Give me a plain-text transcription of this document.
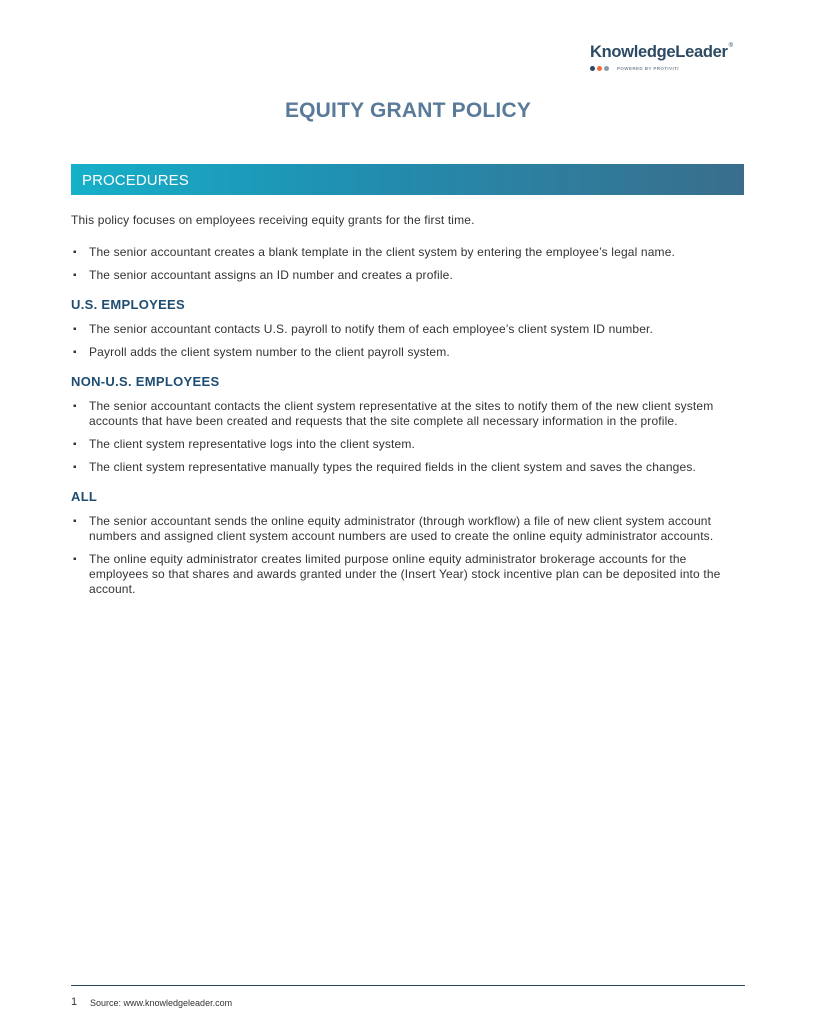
KnowledgeLeader®
POWERED BY PROTIVITI
EQUITY GRANT POLICY
PROCEDURES

This policy focuses on employees receiving equity grants for the first time.

▪ The senior accountant creates a blank template in the client system by entering the employee’s legal name.
▪ The senior accountant assigns an ID number and creates a profile.
U.S. EMPLOYEES
▪ The senior accountant contacts U.S. payroll to notify them of each employee’s client system ID number.
▪ Payroll adds the client system number to the client payroll system.
NON-U.S. EMPLOYEES
▪ The senior accountant contacts the client system representative at the sites to notify them of the new client system accounts that have been created and requests that the site complete all necessary information in the profile.
▪ The client system representative logs into the client system.
▪ The client system representative manually types the required fields in the client system and saves the changes.
ALL
▪ The senior accountant sends the online equity administrator (through workflow) a file of new client system account numbers and assigned client system account numbers are used to create the online equity administrator accounts.
▪ The online equity administrator creates limited purpose online equity administrator brokerage accounts for the employees so that shares and awards granted under the (Insert Year) stock incentive plan can be deposited into the account.
1 Source: www.knowledgeleader.com
